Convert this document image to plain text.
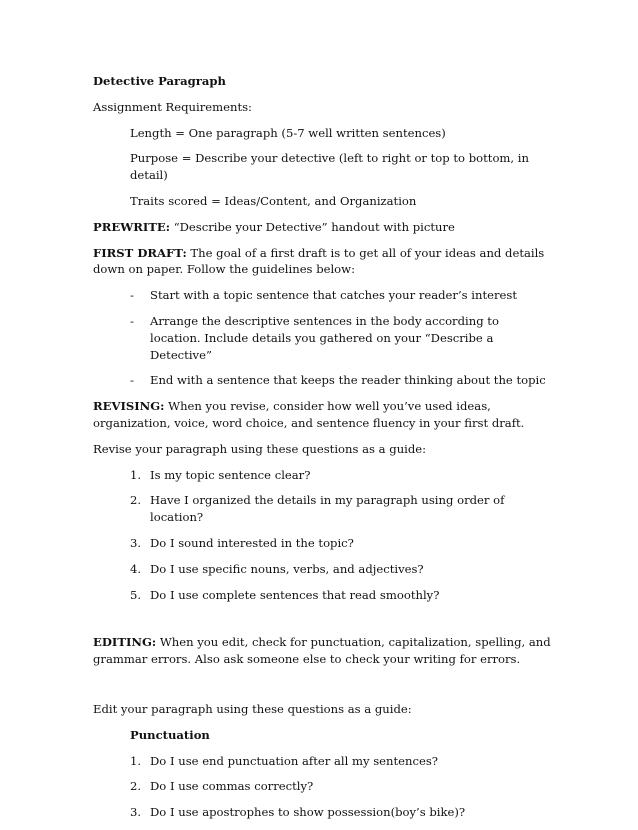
Detective Paragraph

Assignment Requirements:

Length = One paragraph (5-7 well written sentences)

Purpose = Describe your detective (left to right or top to bottom, in detail)

Traits scored = Ideas/Content, and Organization

PREWRITE: “Describe your Detective” handout with picture

FIRST DRAFT: The goal of a first draft is to get all of your ideas and details down on paper. Follow the guidelines below:

- Start with a topic sentence that catches your reader’s interest
- Arrange the descriptive sentences in the body according to location. Include details you gathered on your “Describe a Detective”
- End with a sentence that keeps the reader thinking about the topic

REVISING: When you revise, consider how well you’ve used ideas, organization, voice, word choice, and sentence fluency in your first draft.

Revise your paragraph using these questions as a guide:

1. Is my topic sentence clear?
2. Have I organized the details in my paragraph using order of location?
3. Do I sound interested in the topic?
4. Do I use specific nouns, verbs, and adjectives?
5. Do I use complete sentences that read smoothly?

EDITING: When you edit, check for punctuation, capitalization, spelling, and grammar errors. Also ask someone else to check your writing for errors.

Edit your paragraph using these questions as a guide:

Punctuation

1. Do I use end punctuation after all my sentences?
2. Do I use commas correctly?
3. Do I use apostrophes to show possession(boy’s bike)?
